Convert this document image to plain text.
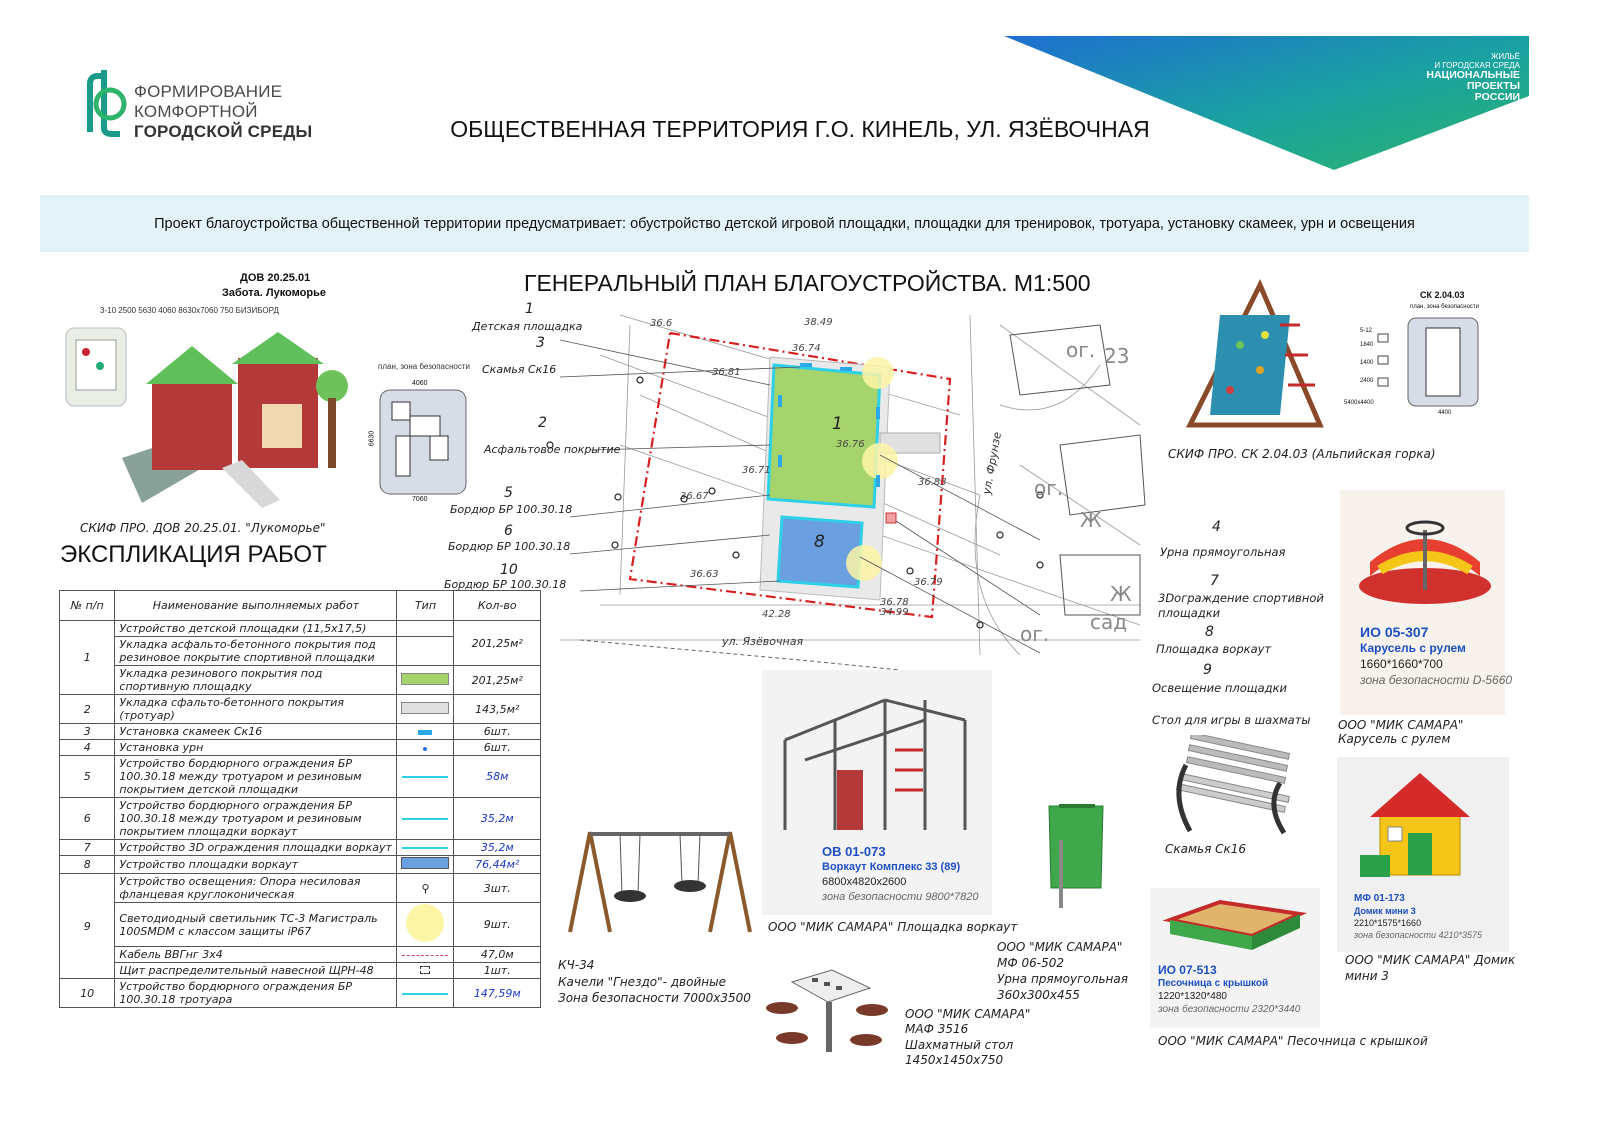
ФОРМИРОВАНИЕ
КОМФОРТНОЙ
ГОРОДСКОЙ СРЕДЫ
ЖИЛЬЁ
И ГОРОДСКАЯ СРЕДА
НАЦИОНАЛЬНЫЕ
ПРОЕКТЫ
РОССИИ
ОБЩЕСТВЕННАЯ ТЕРРИТОРИЯ Г.О. КИНЕЛЬ, УЛ. ЯЗЁВОЧНАЯ
Проект благоустройства общественной территории предусматривает: обустройство детской игровой площадки, площадки для тренировок, тротуара, установку скамеек, урн и освещения
ДОВ 20.25.01
Забота. Лукоморье
3-10 2500 5630 4060 8630х7060 750 БИЗИБОРД
план, зона безопасности
4060
6630
7060
СКИФ ПРО. ДОВ 20.25.01. "Лукоморье"
ЭКСПЛИКАЦИЯ РАБОТ
№ п/п	Наименование выполняемых работ	Тип	Кол-во
1	Устройство детской площадки (11,5х17,5)		201,25м²
	Укладка асфальто-бетонного покрытия под резиновое покрытие спортивной площадки		
	Укладка резинового покрытия под спортивную площадку		201,25м²
2	Укладка сфальто-бетонного покрытия (тротуар)		143,5м²
3	Установка скамеек Ск16		6шт.
4	Установка урн		6шт.
5	Устройство бордюрного ограждения БР 100.30.18 между тротуаром и резиновым покрытием детской площадки		58м
6	Устройство бордюрного ограждения БР 100.30.18 между тротуаром и резиновым покрытием площадки воркаут		35,2м
7	Устройство 3D ограждения площадки воркаут		35,2м
8	Устройство площадки воркаут		76,44м²
9	Устройство освещения: Опора несиловая фланцевая круглоконическая	⚲	3шт.
	Светодиодный светильник ТС-3 Магистраль 100SMDM с классом защиты iP67		9шт.
	Кабель ВВГнг 3х4		47,0м
	Щит распределительный навесной ЩРН-48		1шт.
10	Устройство бордюрного ограждения БР 100.30.18 тротуара		147,59м
ГЕНЕРАЛЬНЫЙ ПЛАН БЛАГОУСТРОЙСТВА. М1:500
36.6	38.49
36.74
36.81
36.71
36.76
36.67
36.83
36.63
42.28
36.78
34.99
36.79
1
8
ул. Язёвочная
ул. Фрунзе
ог.
ог.
ог.
23
сад
Ж
Ж
1
Детская площадка
3
Скамья Ск16
2
Асфальтовое покрытие
5
Бордюр БР 100.30.18
6
Бордюр БР 100.30.18
10
Бордюр БР 100.30.18
4
Урна прямоугольная
7
3Dограждение спортивной
площадки
8
Площадка воркаут
9
Освещение площадки
Стол для игры в шахматы
СК 2.04.03
план, зона безопасности
5-12
1840
1400
2400
5400х4400
4400
СКИФ ПРО. СК 2.04.03 (Альпийская горка)
ИО 05-307
Карусель с рулем
1660*1660*700
зона безопасности D-5660
ООО "МИК САМАРА" Карусель с рулем
Скамья Ск16
МФ 01-173
Домик мини 3
2210*1575*1660
зона безопасности 4210*3575
ООО "МИК САМАРА" Домик
мини 3
ОВ 01-073
Воркаут Комплекс 33 (89)
6800х4820х2600
зона безопасности 9800*7820
ООО "МИК САМАРА" Площадка воркаут
КЧ-34
Качели "Гнездо"- двойные
Зона безопасности 7000х3500
ООО "МИК САМАРА"
МАФ 3516
Шахматный стол
1450х1450х750
ООО "МИК САМАРА"
МФ 06-502
Урна прямоугольная
360х300х455
ИО 07-513
Песочница с крышкой
1220*1320*480
зона безопасности 2320*3440
ООО "МИК САМАРА" Песочница с крышкой
